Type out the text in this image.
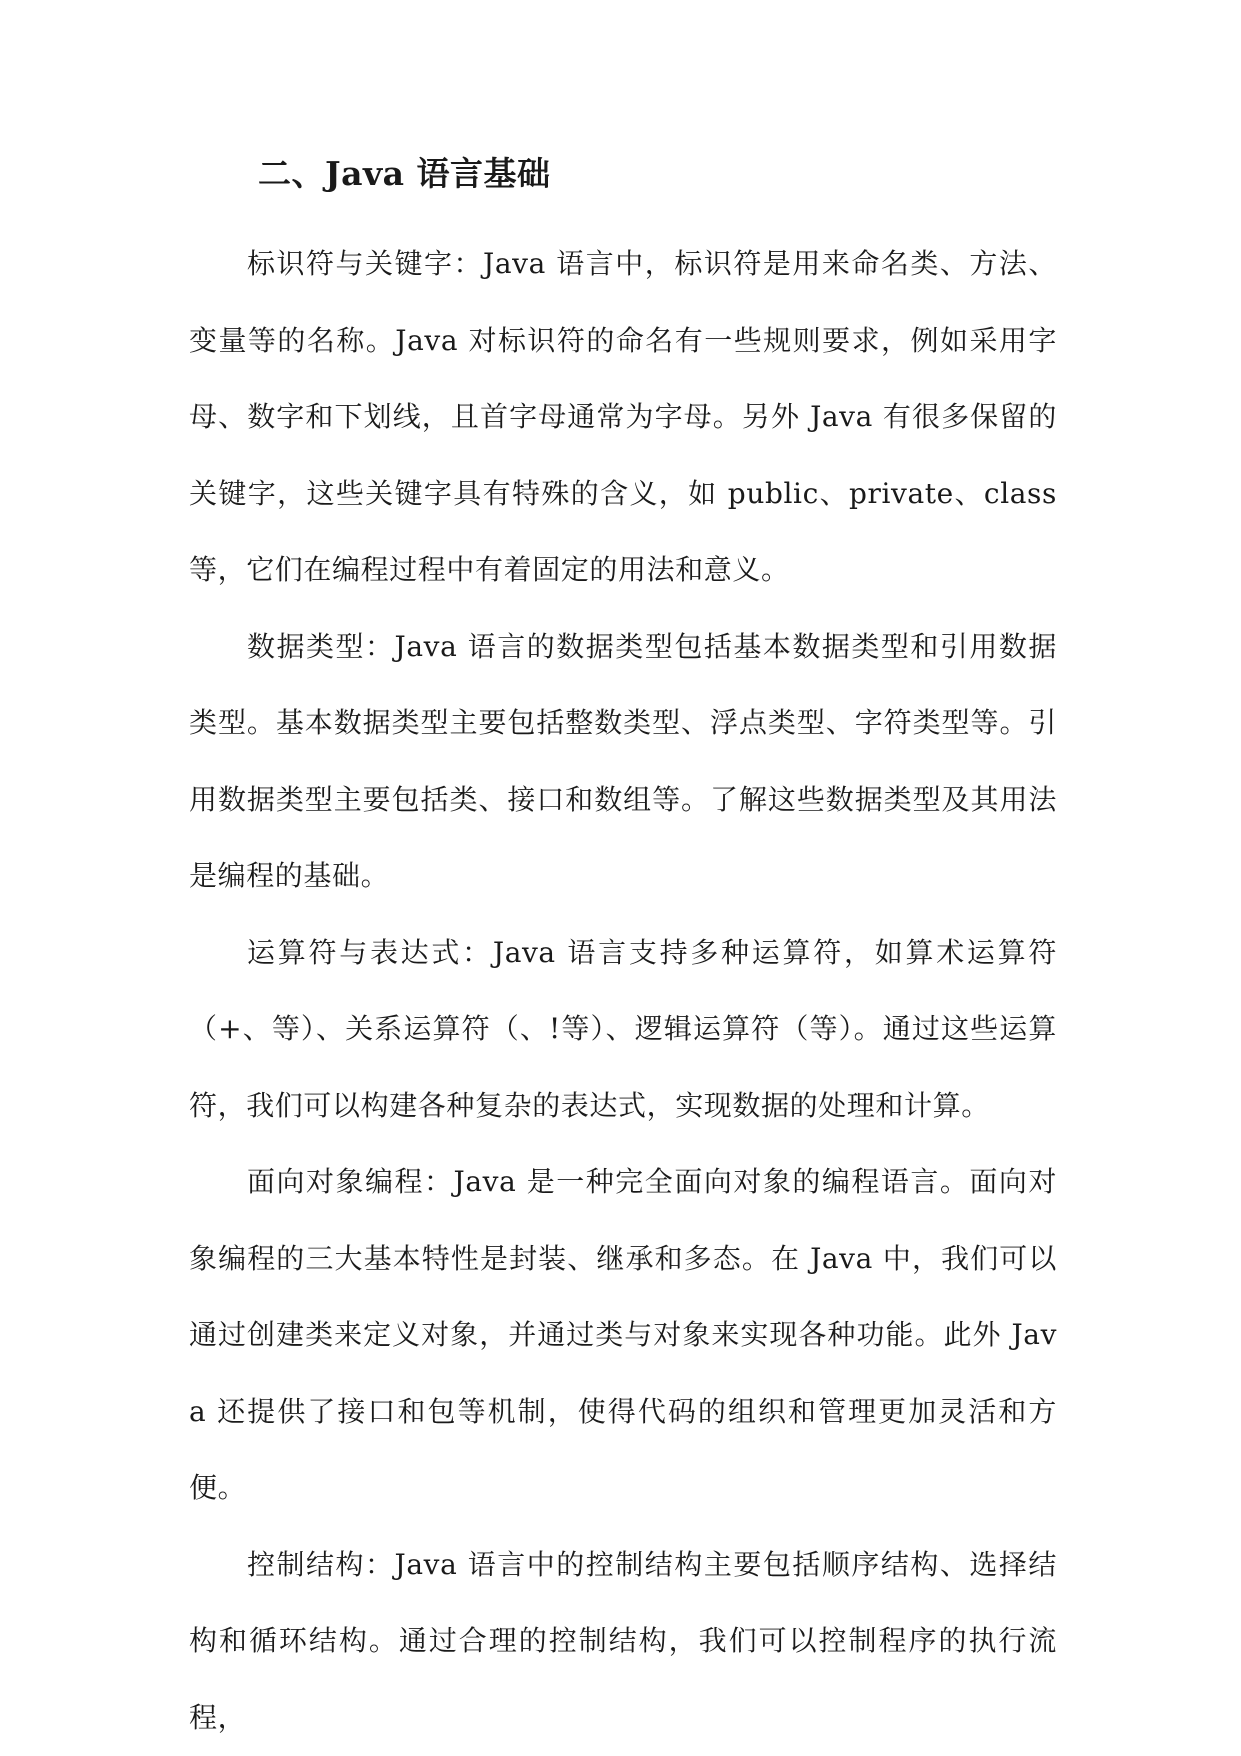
二、Java 语言基础

标识符与关键字：Java 语言中，标识符是用来命名类、方法、变量等的名称。Java 对标识符的命名有一些规则要求，例如采用字母、数字和下划线，且首字母通常为字母。另外 Java 有很多保留的关键字，这些关键字具有特殊的含义，如 public、private、class 等，它们在编程过程中有着固定的用法和意义。

数据类型：Java 语言的数据类型包括基本数据类型和引用数据类型。基本数据类型主要包括整数类型、浮点类型、字符类型等。引用数据类型主要包括类、接口和数组等。了解这些数据类型及其用法是编程的基础。

运算符与表达式：Java 语言支持多种运算符，如算术运算符（+、等）、关系运算符（、!等）、逻辑运算符（等）。通过这些运算符，我们可以构建各种复杂的表达式，实现数据的处理和计算。

面向对象编程：Java 是一种完全面向对象的编程语言。面向对象编程的三大基本特性是封装、继承和多态。在 Java 中，我们可以通过创建类来定义对象，并通过类与对象来实现各种功能。此外 Java 还提供了接口和包等机制，使得代码的组织和管理更加灵活和方便。

控制结构：Java 语言中的控制结构主要包括顺序结构、选择结构和循环结构。通过合理的控制结构，我们可以控制程序的执行流程，
